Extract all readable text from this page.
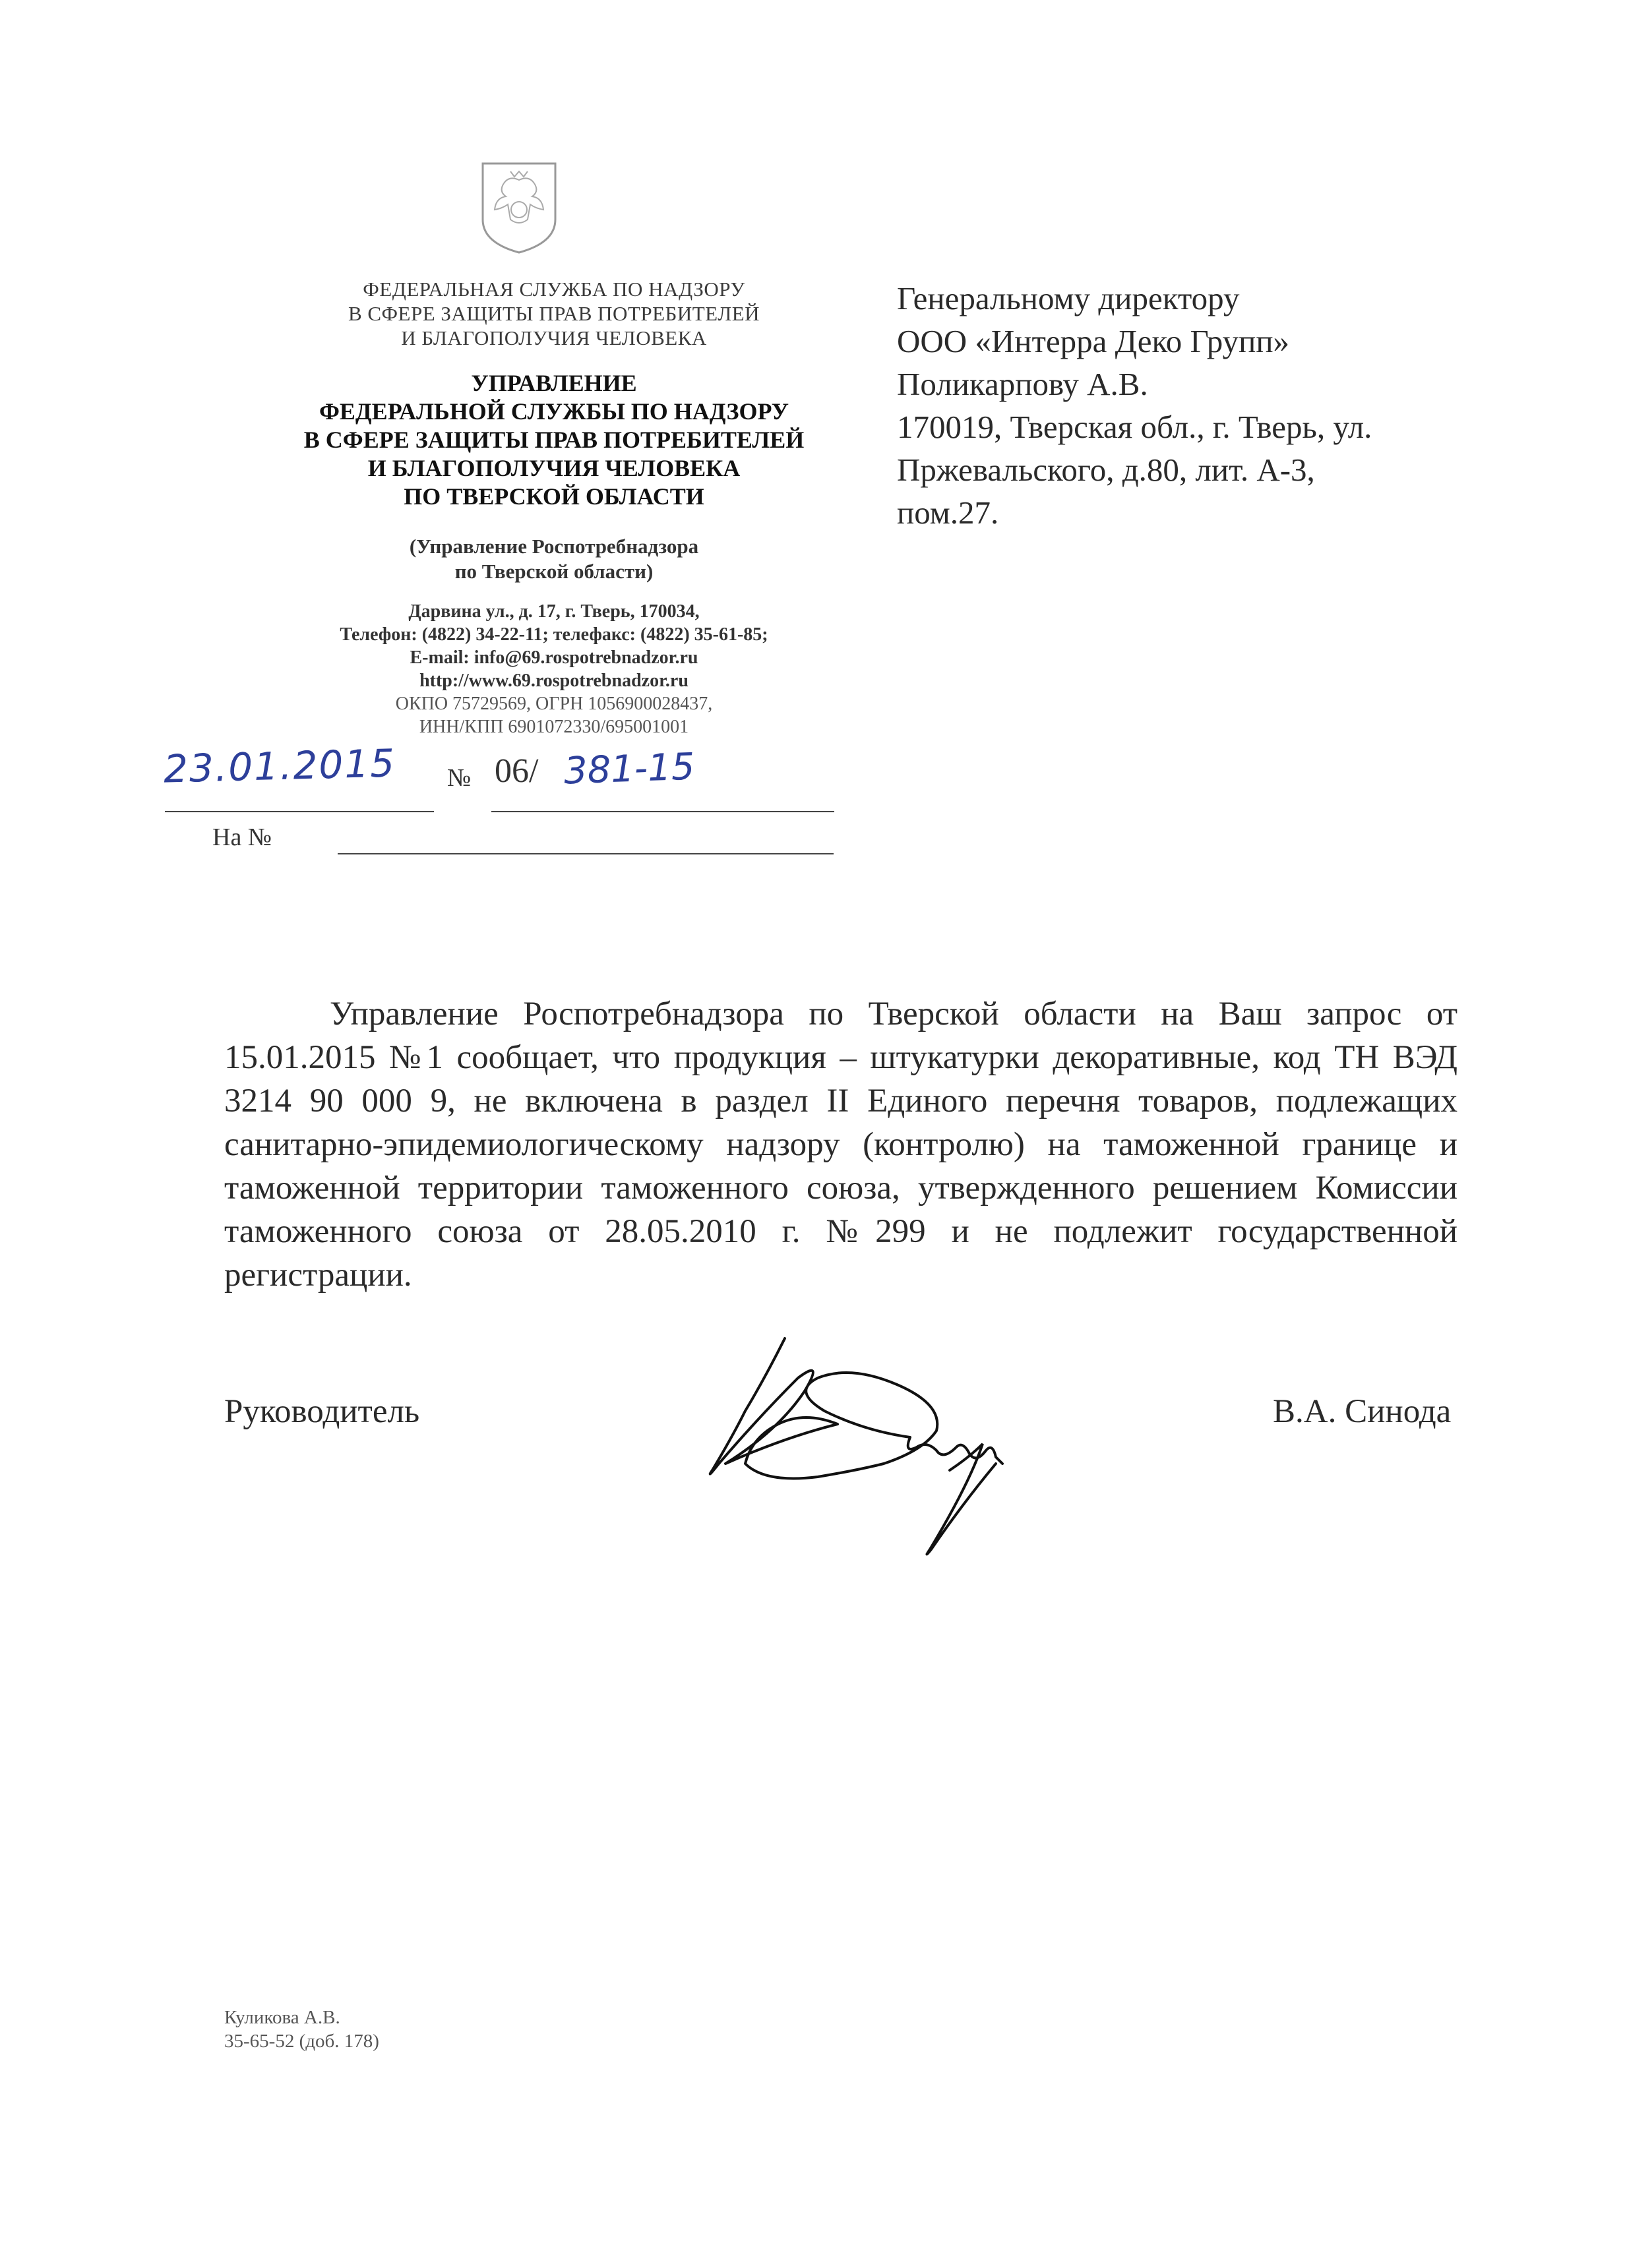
ФЕДЕРАЛЬНАЯ СЛУЖБА ПО НАДЗОРУ
В СФЕРЕ ЗАЩИТЫ ПРАВ ПОТРЕБИТЕЛЕЙ
И БЛАГОПОЛУЧИЯ ЧЕЛОВЕКА
УПРАВЛЕНИЕ
ФЕДЕРАЛЬНОЙ СЛУЖБЫ ПО НАДЗОРУ
В СФЕРЕ ЗАЩИТЫ ПРАВ ПОТРЕБИТЕЛЕЙ
И БЛАГОПОЛУЧИЯ ЧЕЛОВЕКА
ПО ТВЕРСКОЙ ОБЛАСТИ
(Управление Роспотребнадзора
по Тверской области)
Дарвина ул., д. 17, г. Тверь, 170034,
Телефон: (4822) 34-22-11; телефакс: (4822) 35-61-85;
E-mail: info@69.rospotrebnadzor.ru
http://www.69.rospotrebnadzor.ru
ОКПО 75729569, ОГРН 1056900028437,
ИНН/КПП 6901072330/695001001
Генеральному директору
ООО «Интерра Деко Групп»
Поликарпову А.В.
170019, Тверская обл., г. Тверь, ул.
Пржевальского, д.80, лит. А-3,
пом.27.
23.01.2015 № 06/ 381-15
На №
Управление Роспотребнадзора по Тверской области на Ваш запрос от 15.01.2015 №1 сообщает, что продукция – штукатурки декоративные, код ТН ВЭД 3214 90 000 9, не включена в раздел II Единого перечня товаров, подлежащих санитарно-эпидемиологическому надзору (контролю) на таможенной границе и таможенной территории таможенного союза, утвержденного решением Комиссии таможенного союза от 28.05.2010 г. №299 и не подлежит государственной регистрации.
Руководитель	В.А. Синода
Куликова А.В.
35-65-52 (доб. 178)
